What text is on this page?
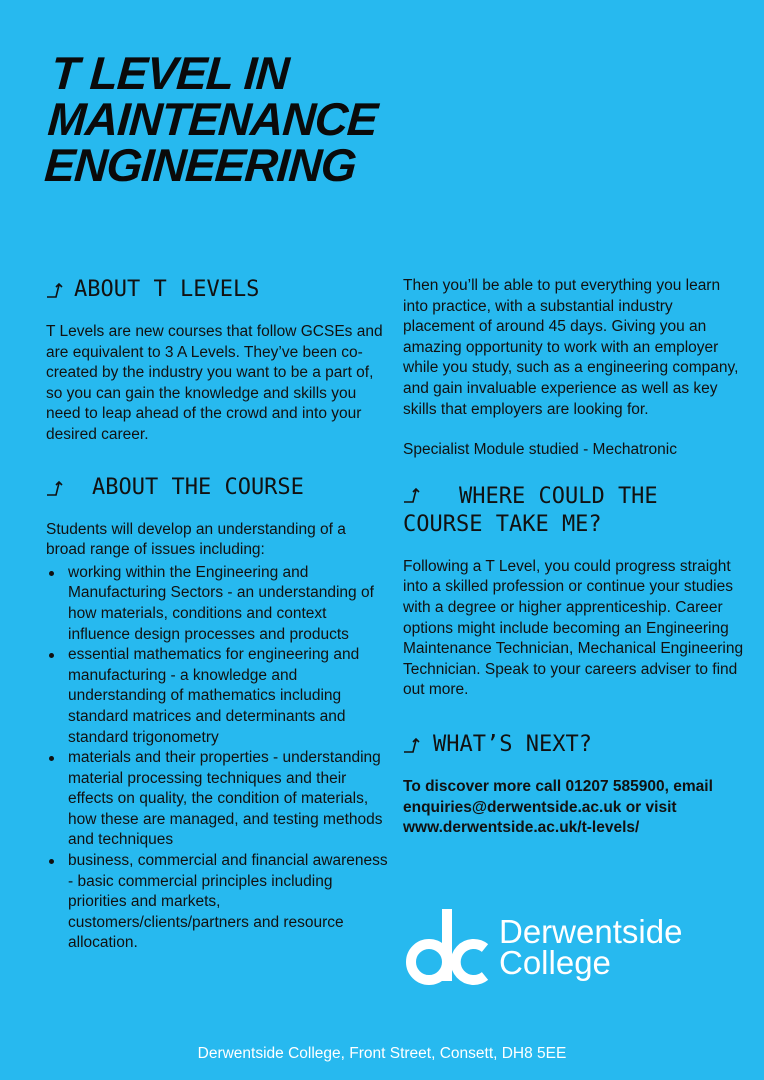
T LEVEL IN
MAINTENANCE
ENGINEERING
ABOUT T LEVELS

T Levels are new courses that follow GCSEs and are equivalent to 3 A Levels. They’ve been co-created by the industry you want to be a part of, so you can gain the knowledge and skills you need to leap ahead of the crowd and into your desired career.

ABOUT THE COURSE

Students will develop an understanding of a broad range of issues including:

working within the Engineering and Manufacturing Sectors - an understanding of how materials, conditions and context influence design processes and products
essential mathematics for engineering and manufacturing - a knowledge and understanding of mathematics including standard matrices and determinants and standard trigonometry
materials and their properties - understanding material processing techniques and their effects on quality, the condition of materials, how these are managed, and testing methods and techniques
business, commercial and financial awareness - basic commercial principles including priorities and markets, customers/clients/partners and resource allocation.

Then you’ll be able to put everything you learn into practice, with a substantial industry placement of around 45 days. Giving you an amazing opportunity to work with an employer while you study, such as a engineering company, and gain invaluable experience as well as key skills that employers are looking for.

Specialist Module studied - Mechatronic

WHERE COULD THE COURSE TAKE ME?

Following a T Level, you could progress straight into a skilled profession or continue your studies with a degree or higher apprenticeship. Career options might include becoming an Engineering Maintenance Technician, Mechanical Engineering Technician. Speak to your careers adviser to find out more.

WHAT’S NEXT?

To discover more call 01207 585900, email enquiries@derwentside.ac.uk or visit www.derwentside.ac.uk/t-levels/

Derwentside
College
Derwentside College, Front Street, Consett, DH8 5EE
